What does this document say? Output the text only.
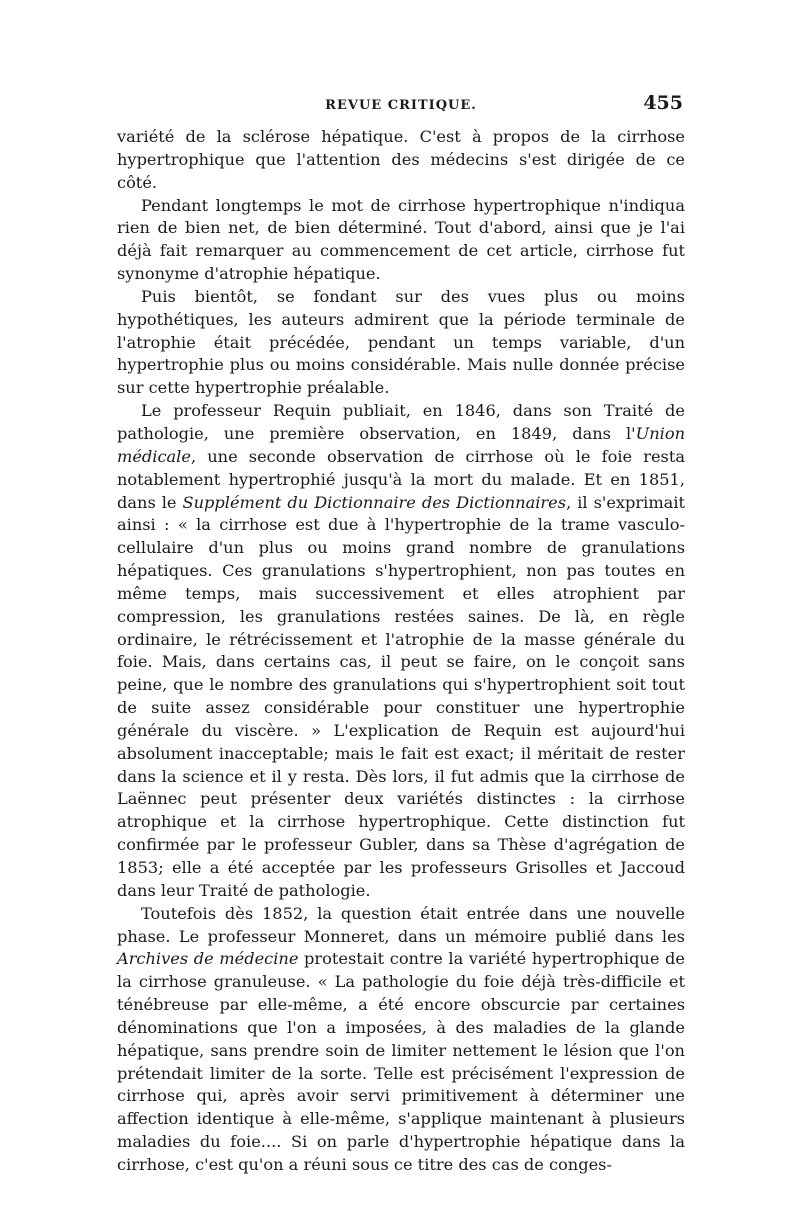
REVUE CRITIQUE.	455

variété de la sclérose hépatique. C'est à propos de la cirrhose hypertrophique que l'attention des médecins s'est dirigée de ce côté.

Pendant longtemps le mot de cirrhose hypertrophique n'indiqua rien de bien net, de bien déterminé. Tout d'abord, ainsi que je l'ai déjà fait remarquer au commencement de cet article, cirrhose fut synonyme d'atrophie hépatique.

Puis bientôt, se fondant sur des vues plus ou moins hypothétiques, les auteurs admirent que la période terminale de l'atrophie était précédée, pendant un temps variable, d'un hypertrophie plus ou moins considérable. Mais nulle donnée précise sur cette hypertrophie préalable.

Le professeur Requin publiait, en 1846, dans son Traité de pathologie, une première observation, en 1849, dans l'Union médicale, une seconde observation de cirrhose où le foie resta notablement hypertrophié jusqu'à la mort du malade. Et en 1851, dans le Supplément du Dictionnaire des Dictionnaires, il s'exprimait ainsi : « la cirrhose est due à l'hypertrophie de la trame vasculo-cellulaire d'un plus ou moins grand nombre de granulations hépatiques. Ces granulations s'hypertrophient, non pas toutes en même temps, mais successivement et elles atrophient par compression, les granulations restées saines. De là, en règle ordinaire, le rétrécissement et l'atrophie de la masse générale du foie. Mais, dans certains cas, il peut se faire, on le conçoit sans peine, que le nombre des granulations qui s'hypertrophient soit tout de suite assez considérable pour constituer une hypertrophie générale du viscère. » L'explication de Requin est aujourd'hui absolument inacceptable; mais le fait est exact; il méritait de rester dans la science et il y resta. Dès lors, il fut admis que la cirrhose de Laënnec peut présenter deux variétés distinctes : la cirrhose atrophique et la cirrhose hypertrophique. Cette distinction fut confirmée par le professeur Gubler, dans sa Thèse d'agrégation de 1853; elle a été acceptée par les professeurs Grisolles et Jaccoud dans leur Traité de pathologie.

Toutefois dès 1852, la question était entrée dans une nouvelle phase. Le professeur Monneret, dans un mémoire publié dans les Archives de médecine protestait contre la variété hypertrophique de la cirrhose granuleuse. « La pathologie du foie déjà très-difficile et ténébreuse par elle-même, a été encore obscurcie par certaines dénominations que l'on a imposées, à des maladies de la glande hépatique, sans prendre soin de limiter nettement le lésion que l'on prétendait limiter de la sorte. Telle est précisément l'expression de cirrhose qui, après avoir servi primitivement à déterminer une affection identique à elle-même, s'applique maintenant à plusieurs maladies du foie.... Si on parle d'hypertrophie hépatique dans la cirrhose, c'est qu'on a réuni sous ce titre des cas de conges-
